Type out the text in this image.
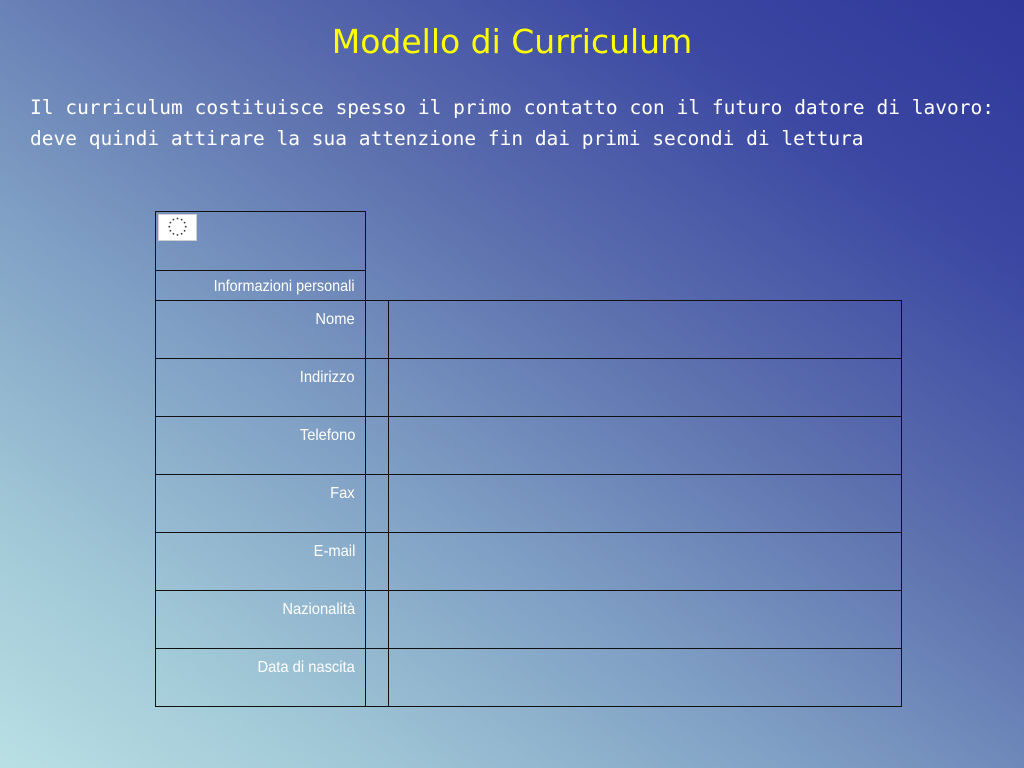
Modello di Curriculum

Il curriculum costituisce spesso il primo contatto con il futuro datore di lavoro: deve quindi attirare la sua attenzione fin dai primi secondi di lettura

Informazioni personali
Nome		
Indirizzo		
Telefono		
Fax		
E-mail		
Nazionalità		
Data di nascita		
